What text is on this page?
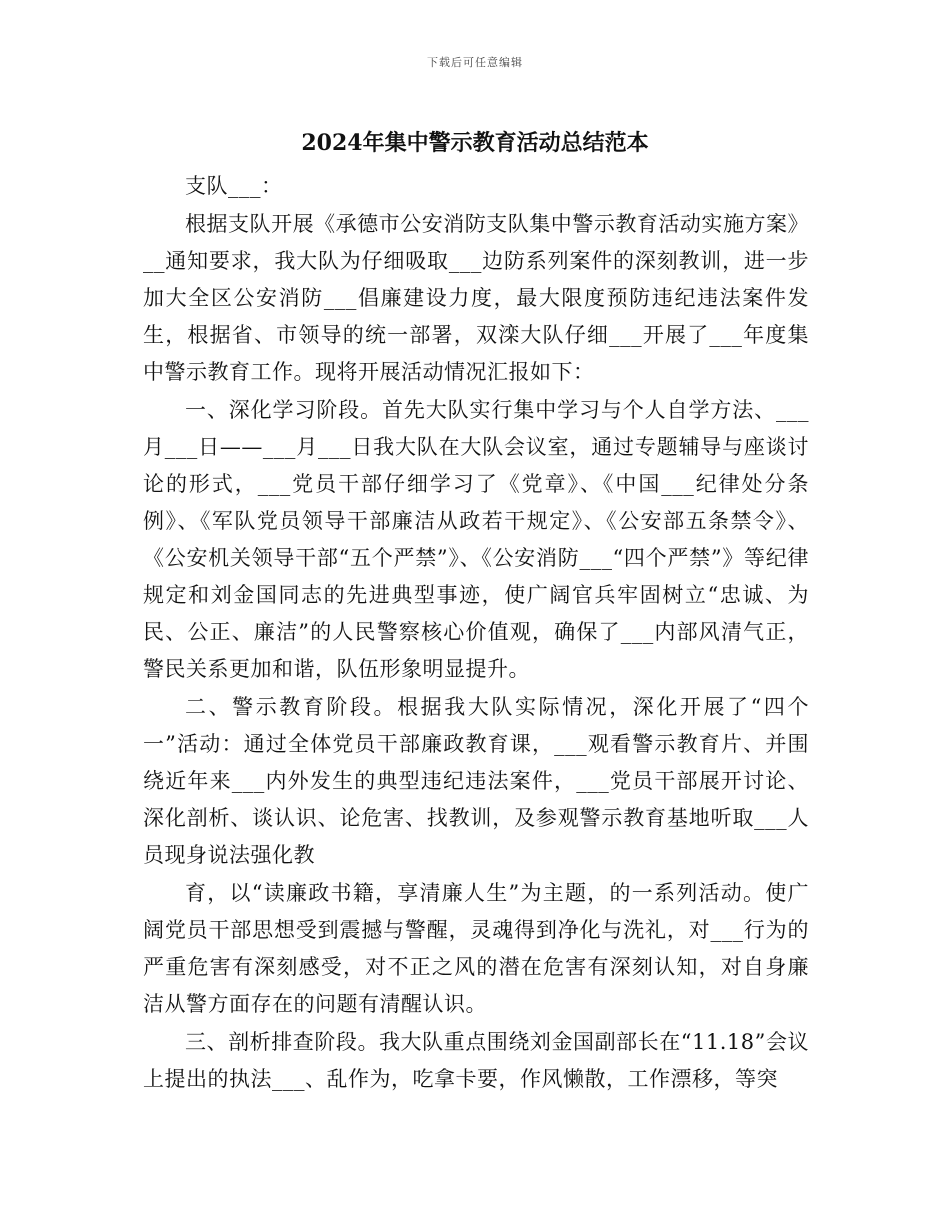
下载后可任意编辑
2024年集中警示教育活动总结范本

支队___：

根据支队开展《承德市公安消防支队集中警示教育活动实施方案》__通知要求，我大队为仔细吸取___边防系列案件的深刻教训，进一步加大全区公安消防___倡廉建设力度，最大限度预防违纪违法案件发生，根据省、市领导的统一部署，双滦大队仔细___开展了___年度集中警示教育工作。现将开展活动情况汇报如下：

一、深化学习阶段。首先大队实行集中学习与个人自学方法、___月___日——___月___日我大队在大队会议室，通过专题辅导与座谈讨论的形式，___党员干部仔细学习了《党章》、《中国___纪律处分条例》、《军队党员领导干部廉洁从政若干规定》、《公安部五条禁令》、《公安机关领导干部“五个严禁”》、《公安消防___“四个严禁”》等纪律规定和刘金国同志的先进典型事迹，使广阔官兵牢固树立“忠诚、为民、公正、廉洁”的人民警察核心价值观，确保了___内部风清气正，警民关系更加和谐，队伍形象明显提升。

二、警示教育阶段。根据我大队实际情况，深化开展了“四个一”活动：通过全体党员干部廉政教育课，___观看警示教育片、并围绕近年来___内外发生的典型违纪违法案件，___党员干部展开讨论、深化剖析、谈认识、论危害、找教训，及参观警示教育基地听取___人员现身说法强化教

育，以“读廉政书籍，享清廉人生”为主题，的一系列活动。使广阔党员干部思想受到震撼与警醒，灵魂得到净化与洗礼，对___行为的严重危害有深刻感受，对不正之风的潜在危害有深刻认知，对自身廉洁从警方面存在的问题有清醒认识。

三、剖析排查阶段。我大队重点围绕刘金国副部长在“11.18”会议上提出的执法___、乱作为，吃拿卡要，作风懒散，工作漂移，等突
